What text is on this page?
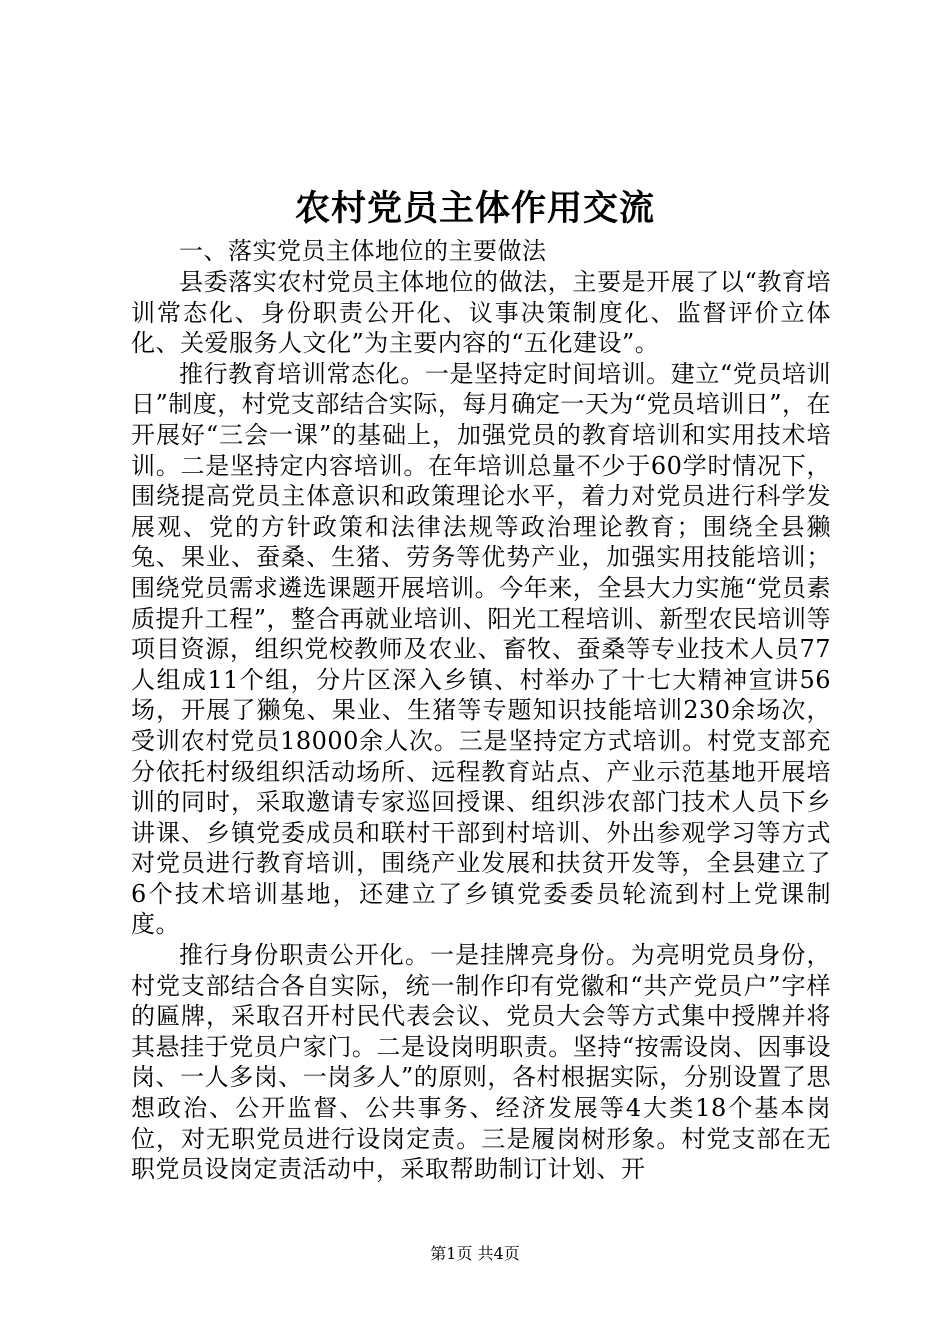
农村党员主体作用交流

一、落实党员主体地位的主要做法

县委落实农村党员主体地位的做法，主要是开展了以“教育培训常态化、身份职责公开化、议事决策制度化、监督评价立体化、关爱服务人文化”为主要内容的“五化建设”。

推行教育培训常态化。一是坚持定时间培训。建立“党员培训日”制度，村党支部结合实际，每月确定一天为“党员培训日”，在开展好“三会一课”的基础上，加强党员的教育培训和实用技术培训。二是坚持定内容培训。在年培训总量不少于60学时情况下，围绕提高党员主体意识和政策理论水平，着力对党员进行科学发展观、党的方针政策和法律法规等政治理论教育；围绕全县獭兔、果业、蚕桑、生猪、劳务等优势产业，加强实用技能培训；围绕党员需求遴选课题开展培训。今年来，全县大力实施“党员素质提升工程”，整合再就业培训、阳光工程培训、新型农民培训等项目资源，组织党校教师及农业、畜牧、蚕桑等专业技术人员77人组成11个组，分片区深入乡镇、村举办了十七大精神宣讲56场，开展了獭兔、果业、生猪等专题知识技能培训230余场次，受训农村党员18000余人次。三是坚持定方式培训。村党支部充分依托村级组织活动场所、远程教育站点、产业示范基地开展培训的同时，采取邀请专家巡回授课、组织涉农部门技术人员下乡讲课、乡镇党委成员和联村干部到村培训、外出参观学习等方式对党员进行教育培训，围绕产业发展和扶贫开发等，全县建立了6个技术培训基地，还建立了乡镇党委委员轮流到村上党课制度。

推行身份职责公开化。一是挂牌亮身份。为亮明党员身份，村党支部结合各自实际，统一制作印有党徽和“共产党员户”字样的匾牌，采取召开村民代表会议、党员大会等方式集中授牌并将其悬挂于党员户家门。二是设岗明职责。坚持“按需设岗、因事设岗、一人多岗、一岗多人”的原则，各村根据实际，分别设置了思想政治、公开监督、公共事务、经济发展等4大类18个基本岗位，对无职党员进行设岗定责。三是履岗树形象。村党支部在无职党员设岗定责活动中，采取帮助制订计划、开

第1页 共4页
